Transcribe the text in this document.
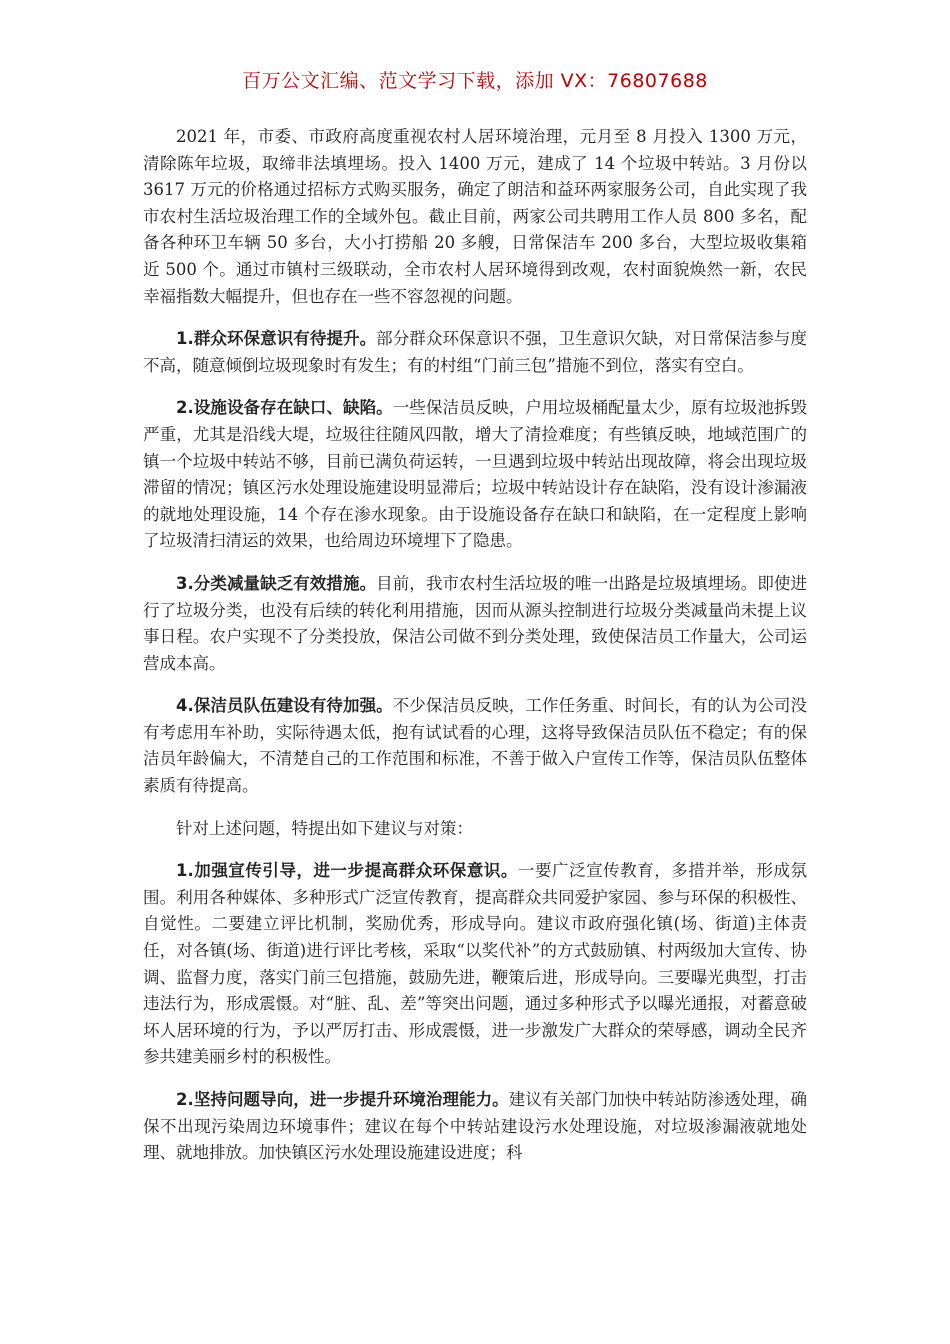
百万公文汇编、范文学习下载，添加 VX：76807688

2021 年，市委、市政府高度重视农村人居环境治理，元月至 8 月投入 1300 万元，清除陈年垃圾，取缔非法填埋场。投入 1400 万元，建成了 14 个垃圾中转站。3 月份以 3617 万元的价格通过招标方式购买服务，确定了朗洁和益环两家服务公司，自此实现了我市农村生活垃圾治理工作的全域外包。截止目前，两家公司共聘用工作人员 800 多名，配备各种环卫车辆 50 多台，大小打捞船 20 多艘，日常保洁车 200 多台，大型垃圾收集箱近 500 个。通过市镇村三级联动，全市农村人居环境得到改观，农村面貌焕然一新，农民幸福指数大幅提升，但也存在一些不容忽视的问题。

1.群众环保意识有待提升。部分群众环保意识不强，卫生意识欠缺，对日常保洁参与度不高，随意倾倒垃圾现象时有发生；有的村组“门前三包”措施不到位，落实有空白。

2.设施设备存在缺口、缺陷。一些保洁员反映，户用垃圾桶配量太少，原有垃圾池拆毁严重，尤其是沿线大堤，垃圾往往随风四散，增大了清捡难度；有些镇反映，地域范围广的镇一个垃圾中转站不够，目前已满负荷运转，一旦遇到垃圾中转站出现故障，将会出现垃圾滞留的情况；镇区污水处理设施建设明显滞后；垃圾中转站设计存在缺陷，没有设计渗漏液的就地处理设施，14 个存在渗水现象。由于设施设备存在缺口和缺陷，在一定程度上影响了垃圾清扫清运的效果，也给周边环境埋下了隐患。

3.分类减量缺乏有效措施。目前，我市农村生活垃圾的唯一出路是垃圾填埋场。即使进行了垃圾分类，也没有后续的转化利用措施，因而从源头控制进行垃圾分类减量尚未提上议事日程。农户实现不了分类投放，保洁公司做不到分类处理，致使保洁员工作量大，公司运营成本高。

4.保洁员队伍建设有待加强。不少保洁员反映，工作任务重、时间长，有的认为公司没有考虑用车补助，实际待遇太低，抱有试试看的心理，这将导致保洁员队伍不稳定；有的保洁员年龄偏大，不清楚自己的工作范围和标准，不善于做入户宣传工作等，保洁员队伍整体素质有待提高。

针对上述问题，特提出如下建议与对策：

1.加强宣传引导，进一步提高群众环保意识。一要广泛宣传教育，多措并举，形成氛围。利用各种媒体、多种形式广泛宣传教育，提高群众共同爱护家园、参与环保的积极性、自觉性。二要建立评比机制，奖励优秀，形成导向。建议市政府强化镇(场、街道)主体责任，对各镇(场、街道)进行评比考核，采取“以奖代补”的方式鼓励镇、村两级加大宣传、协调、监督力度，落实门前三包措施，鼓励先进，鞭策后进，形成导向。三要曝光典型，打击违法行为，形成震慑。对“脏、乱、差”等突出问题，通过多种形式予以曝光通报，对蓄意破坏人居环境的行为，予以严厉打击、形成震慑，进一步激发广大群众的荣辱感，调动全民齐参共建美丽乡村的积极性。

2.坚持问题导向，进一步提升环境治理能力。建议有关部门加快中转站防渗透处理，确保不出现污染周边环境事件；建议在每个中转站建设污水处理设施，对垃圾渗漏液就地处理、就地排放。加快镇区污水处理设施建设进度；科
